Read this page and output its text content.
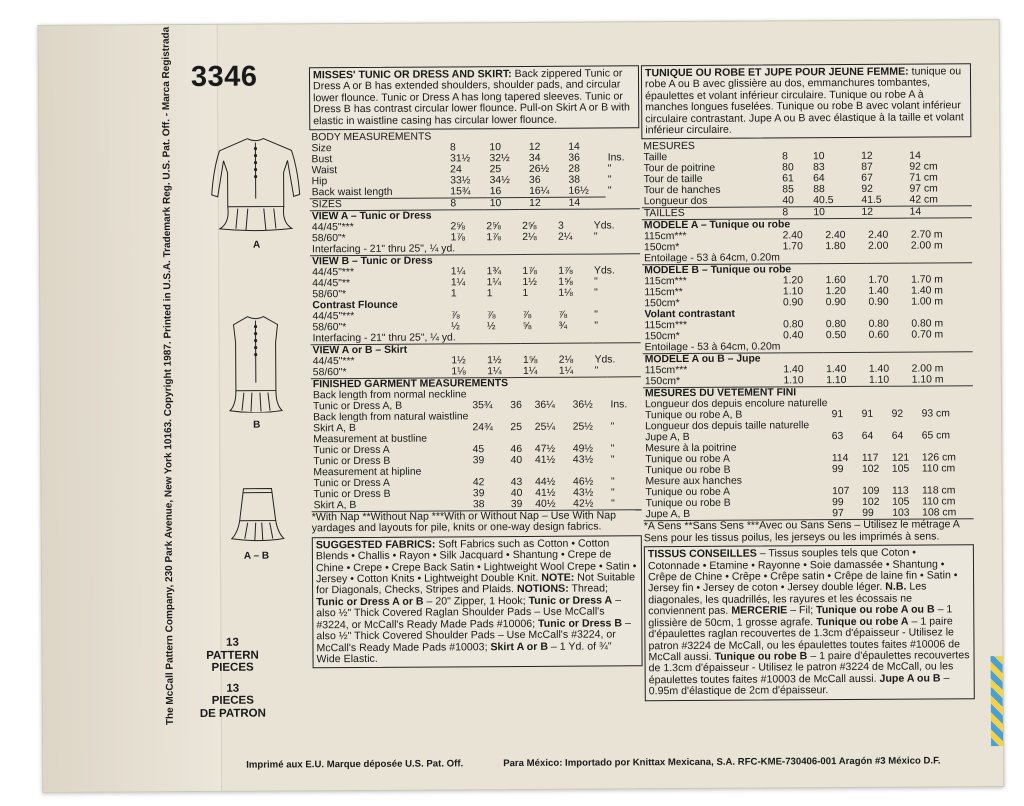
3346
The McCall Pattern Company, 230 Park Avenue, New York 10163. Copyright 1987. Printed in U.S.A. Trademark Reg. U.S. Pat. Off. - Marca Registrada	A
B
A – B
13
PATTERN
PIECES
13
PIECES
DE PATRON
MISSES' TUNIC OR DRESS AND SKIRT: Back zippered Tunic or Dress A or B has extended shoulders, shoulder pads, and circular lower flounce. Tunic or Dress A has long tapered sleeves. Tunic or Dress B has contrast circular lower flounce. Pull-on Skirt A or B with elastic in waistline casing has circular lower flounce.
BODY MEASUREMENTS					
Size	8	10	12	14	
Bust	31½	32½	34	36	Ins.
Waist	24	25	26½	28	"
Hip	33½	34½	36	38	"
Back waist length	15¾	16	16¼	16½	"
SIZES	8	10	12	14	
VIEW A – Tunic or Dress					
44/45"***	2⅝	2⅝	2⅝	3	Yds.
58/60"*	1⅞	1⅞	2⅛	2¼	"
Interfacing - 21" thru 25", ¼ yd.					
VIEW B – Tunic or Dress					
44/45"***	1¼	1¾	1⅞	1⅞	Yds.
44/45"**	1¼	1¼	1½	1⅝	"
58/60"*	1	1	1	1⅛	"
Contrast Flounce					
44/45"***	⅞	⅞	⅞	⅞	"
58/60"*	½	½	⅝	¾	"
Interfacing - 21" thru 25", ¼ yd.					
VIEW A or B – Skirt					
44/45"***	1½	1½	1⅝	2⅛	Yds.
58/60"*	1⅛	1¼	1¼	1¼	"
FINISHED GARMENT MEASUREMENTS					
Back length from normal neckline					
Tunic or Dress A, B	35¾	36	36¼	36½	Ins.
Back length from natural waistline					
Skirt A, B	24¾	25	25¼	25½	"
Measurement at bustline					
Tunic or Dress A	45	46	47½	49½	"
Tunic or Dress B	39	40	41½	43½	"
Measurement at hipline					
Tunic or Dress A	42	43	44½	46½	"
Tunic or Dress B	39	40	41½	43½	"
Skirt A, B	38	39	40½	42½	"
*With Nap **Without Nap ***With or Without Nap – Use With Nap yardages and layouts for pile, knits or one-way design fabrics.
SUGGESTED FABRICS: Soft Fabrics such as Cotton • Cotton Blends • Challis • Rayon • Silk Jacquard • Shantung • Crepe de Chine • Crepe • Crepe Back Satin • Lightweight Wool Crepe • Satin • Jersey • Cotton Knits • Lightweight Double Knit. NOTE: Not Suitable for Diagonals, Checks, Stripes and Plaids. NOTIONS: Thread; Tunic or Dress A or B – 20" Zipper, 1 Hook; Tunic or Dress A – also ½" Thick Covered Raglan Shoulder Pads – Use McCall's #3224, or McCall's Ready Made Pads #10006; Tunic or Dress B – also ½" Thick Covered Shoulder Pads – Use McCall's #3224, or McCall's Ready Made Pads #10003; Skirt A or B – 1 Yd. of ¾" Wide Elastic.
TUNIQUE OU ROBE ET JUPE POUR JEUNE FEMME: tunique ou robe A ou B avec glissière au dos, emmanchures tombantes, épaulettes et volant inférieur circulaire. Tunique ou robe A à manches longues fuselées. Tunique ou robe B avec volant inférieur circulaire contrastant. Jupe A ou B avec élastique à la taille et volant inférieur circulaire.
MESURES				
Taille	8	10	12	14
Tour de poitrine	80	83	87	92 cm
Tour de taille	61	64	67	71 cm
Tour de hanches	85	88	92	97 cm
Longueur dos	40	40.5	41.5	42 cm
TAILLES	8	10	12	14
MODELE A – Tunique ou robe				
115cm***	2.40	2.40	2.40	2.70 m
150cm*	1.70	1.80	2.00	2.00 m
Entoilage - 53 à 64cm, 0.20m				
MODELE B – Tunique ou robe				
115cm***	1.20	1.60	1.70	1.70 m
115cm**	1.10	1.20	1.40	1.40 m
150cm*	0.90	0.90	0.90	1.00 m
Volant contrastant				
115cm***	0.80	0.80	0.80	0.80 m
150cm*	0.40	0.50	0.60	0.70 m
Entoilage - 53 à 64cm, 0.20m				
MODELE A ou B – Jupe				
115cm***	1.40	1.40	1.40	2.00 m
150cm*	1.10	1.10	1.10	1.10 m
MESURES DU VETEMENT FINI				
Longueur dos depuis encolure naturelle				
Tunique ou robe A, B	91	91	92	93 cm
Longueur dos depuis taille naturelle				
Jupe A, B	63	64	64	65 cm
Mesure à la poitrine				
Tunique ou robe A	114	117	121	126 cm
Tunique ou robe B	99	102	105	110 cm
Mesure aux hanches				
Tunique ou robe A	107	109	113	118 cm
Tunique ou robe B	99	102	105	110 cm
Jupe A, B	97	99	103	108 cm
*A Sens **Sans Sens ***Avec ou Sans Sens – Utilisez le métrage A Sens pour les tissus poilus, les jerseys ou les imprimés à sens.
TISSUS CONSEILLES – Tissus souples tels que Coton • Cotonnade • Etamine • Rayonne • Soie damassée • Shantung • Crêpe de Chine • Crêpe • Crêpe satin • Crêpe de laine fin • Satin • Jersey fin • Jersey de coton • Jersey double léger. N.B. Les diagonales, les quadrillés, les rayures et les écossais ne conviennent pas. MERCERIE – Fil; Tunique ou robe A ou B – 1 glissière de 50cm, 1 grosse agrafe. Tunique ou robe A – 1 paire d'épaulettes raglan recouvertes de 1.3cm d'épaisseur - Utilisez le patron #3224 de McCall, ou les épaulettes toutes faites #10006 de McCall aussi. Tunique ou robe B – 1 paire d'épaulettes recouvertes de 1.3cm d'épaisseur - Utilisez le patron #3224 de McCall, ou les épaulettes toutes faites #10003 de McCall aussi. Jupe A ou B – 0.95m d'élastique de 2cm d'épaisseur.
Imprimé aux E.U. Marque déposée U.S. Pat. Off.	Para México: Importado por Knittax Mexicana, S.A. RFC-KME-730406-001 Aragón #3 México D.F.
